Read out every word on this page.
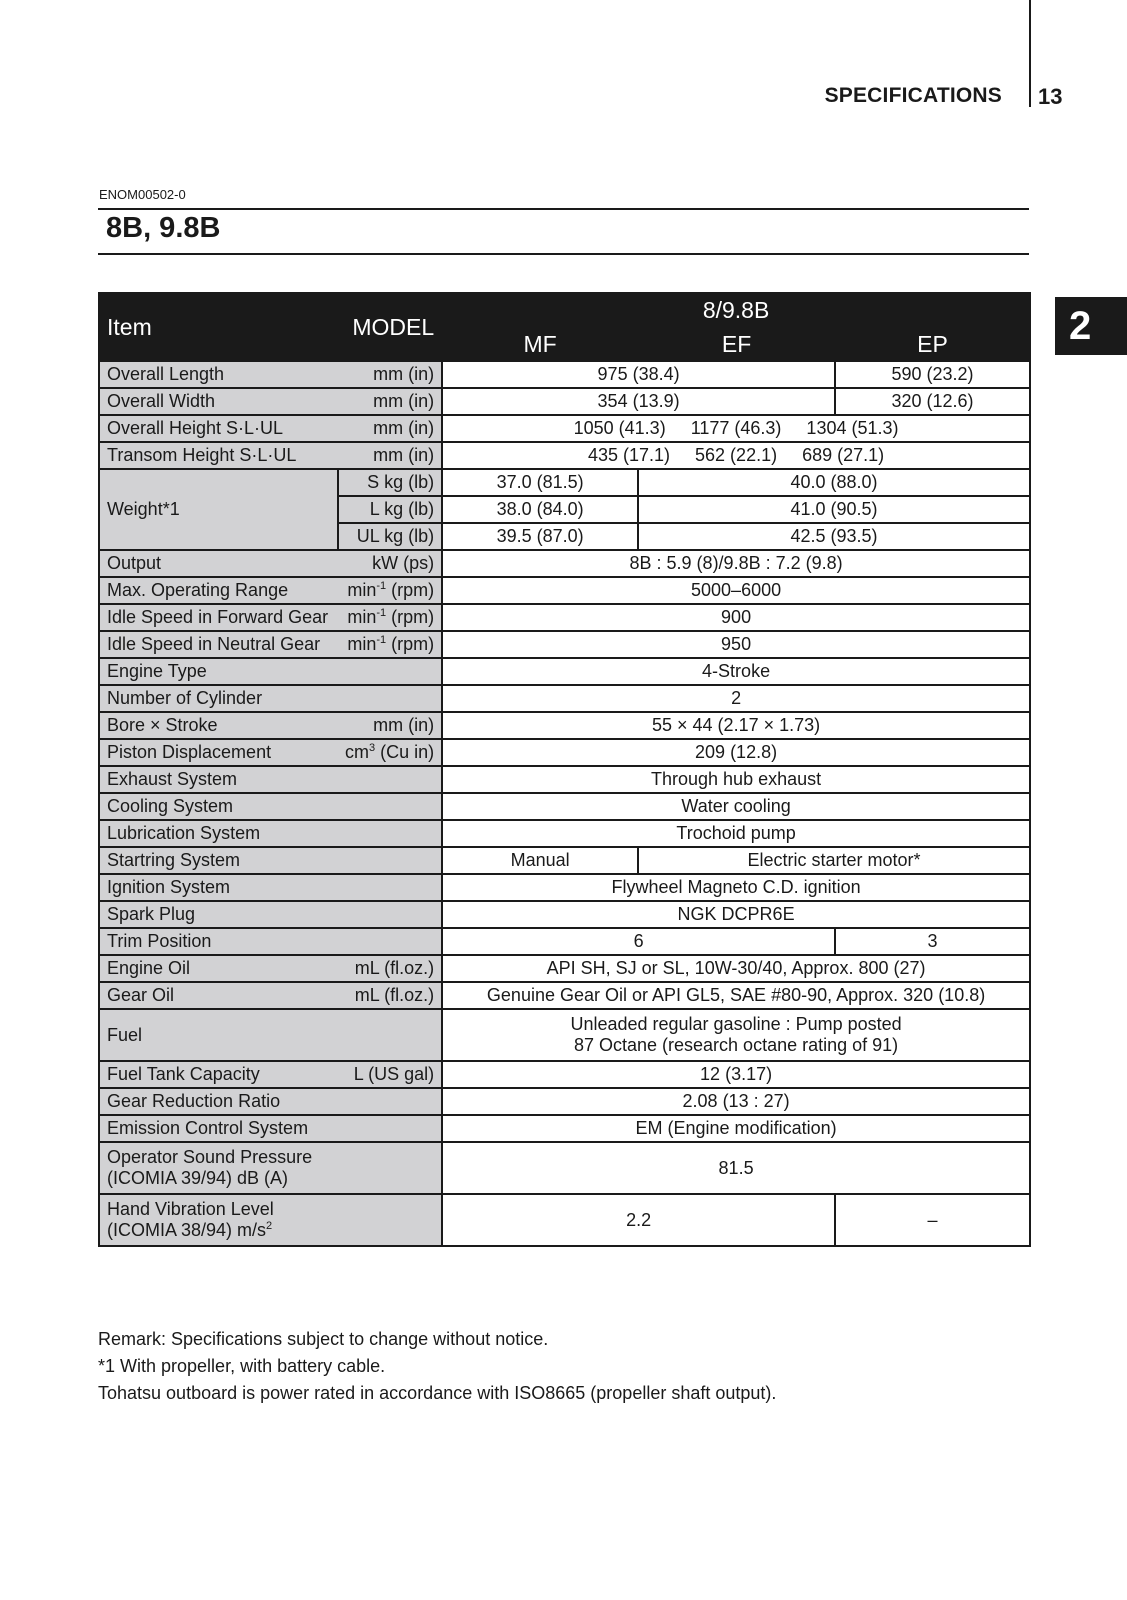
SPECIFICATIONS 13
2
ENOM00502-0
8B, 9.8B
Item MODEL		8/9.8B		
		MF	EF	EP
Overall Length mm (in)		975 (38.4)		590 (23.2)
Overall Width mm (in)		354 (13.9)		320 (12.6)
Overall Height S·L·UL mm (in)		1050 (41.3)     1177 (46.3)     1304 (51.3)		
Transom Height S·L·UL mm (in)		435 (17.1)     562 (22.1)     689 (27.1)		
Weight*1	S kg (lb)	37.0 (81.5)	40.0 (88.0)	
	L kg (lb)	38.0 (84.0)	41.0 (90.5)	
	UL kg (lb)	39.5 (87.0)	42.5 (93.5)	
Output kW (ps)		8B : 5.9 (8)/9.8B : 7.2 (9.8)		
Max. Operating Range $\min^{-1} (rpm)$		5000–6000		
Idle Speed in Forward Gear $\min^{-1} (rpm)$		900		
Idle Speed in Neutral Gear $\min^{-1} (rpm)$		950		
Engine Type		4-Stroke		
Number of Cylinder		2		
Bore × Stroke mm (in)		55 × 44 (2.17 × 1.73)		
Piston Displacement $cm^3$ (Cu in)		209 (12.8)		
Exhaust System		Through hub exhaust		
Cooling System		Water cooling		
Lubrication System		Trochoid pump		
Startring System		Manual	Electric starter motor*	
Ignition System		Flywheel Magneto C.D. ignition		
Spark Plug		NGK DCPR6E		
Trim Position		6		3
Engine Oil mL (fl.oz.)		API SH, SJ or SL, 10W-30/40, Approx. 800 (27)		
Gear Oil mL (fl.oz.)		Genuine Gear Oil or API GL5, SAE #80-90, Approx. 320 (10.8)		
Fuel		Unleaded regular gasoline : Pump posted
87 Octane (research octane rating of 91)		

Fuel Tank Capacity L (US gal)		12 (3.17)		
Gear Reduction Ratio		2.08 (13 : 27)		
Emission Control System		EM (Engine modification)		

Operator Sound Pressure
(ICOMIA 39/94) dB (A)		81.5		

Hand Vibration Level
(ICOMIA 38/94) $m/s^2$		2.2		–
Remark: Specifications subject to change without notice.
*1 With propeller, with battery cable.
Tohatsu outboard is power rated in accordance with ISO8665 (propeller shaft output).
